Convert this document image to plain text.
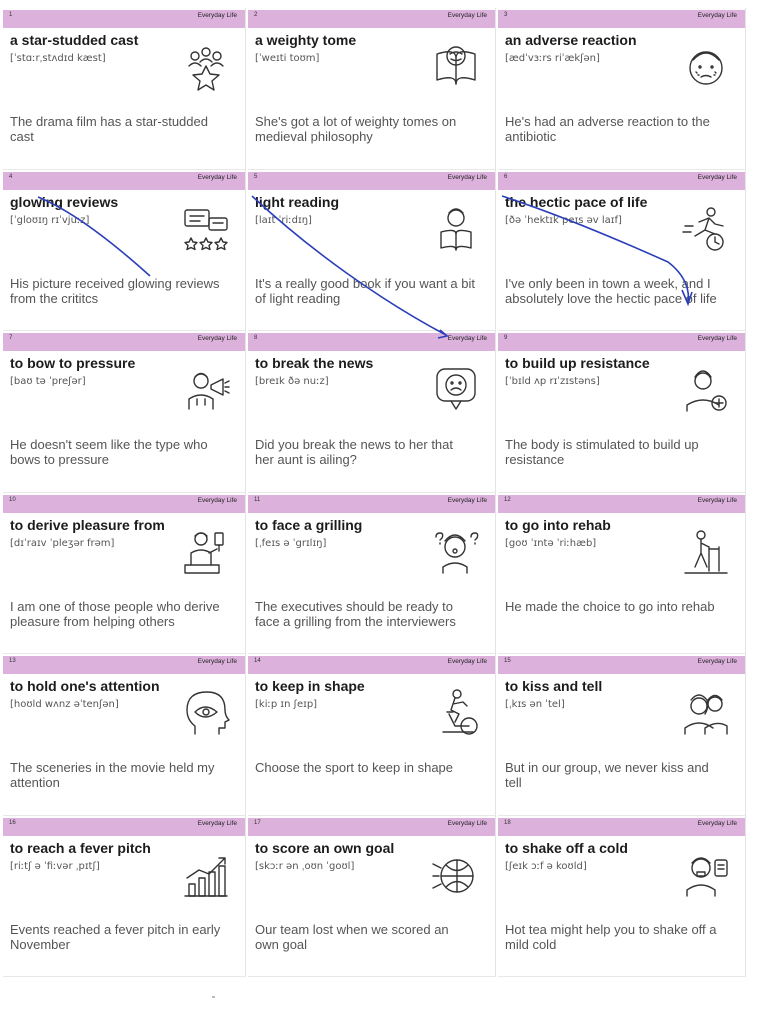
1	Everyday Life
a star-studded cast
[ˈstɑːrˌstʌdɪd kæst]
The drama film has a star-studded cast
2	Everyday Life
a weighty tome
[ˈweɪti toʊm]
She's got a lot of weighty tomes on medieval philosophy
3	Everyday Life
an adverse reaction
[ædˈvɜːrs riˈækʃən]
He's had an adverse reaction to the antibiotic
4	Everyday Life
glowing reviews
[ˈgloʊɪŋ rɪˈvjuːz]
His picture received glowing reviews from the crititcs
5	Everyday Life
light reading
[laɪt ˈriːdɪŋ]
It's a really good book if you want a bit of light reading
6	Everyday Life
the hectic pace of life
[ðə ˈhektɪk peɪs əv laɪf]
I've only been in town a week, and I absolutely love the hectic pace of life
7	Everyday Life
to bow to pressure
[baʊ tə ˈpreʃər]
He doesn't seem like the type who bows to pressure
8	Everyday Life
to break the news
[breɪk ðə nuːz]
Did you break the news to her that her aunt is ailing?
9	Everyday Life
to build up resistance
[ˈbɪld ʌp rɪˈzɪstəns]
The body is stimulated to build up resistance
10	Everyday Life
to derive pleasure from
[dɪˈraɪv ˈpleʒər frəm]
I am one of those people who derive pleasure from helping others
11	Everyday Life
to face a grilling
[ˌfeɪs ə ˈgrɪlɪŋ]
The executives should be ready to face a grilling from the interviewers
12	Everyday Life
to go into rehab
[goʊ ˈɪntə ˈriːhæb]
He made the choice to go into rehab
13	Everyday Life
to hold one's attention
[hoʊld wʌnz əˈtenʃən]
The sceneries in the movie held my attention
14	Everyday Life
to keep in shape
[kiːp ɪn ʃeɪp]
Choose the sport to keep in shape
15	Everyday Life
to kiss and tell
[ˌkɪs ən ˈtel]
But in our group, we never kiss and tell
16	Everyday Life
to reach a fever pitch
[riːtʃ ə ˈfiːvər ˌpɪtʃ]
Events reached a fever pitch in early November
17	Everyday Life
to score an own goal
[skɔːr ən ˌoʊn ˈgoʊl]
Our team lost when we scored an own goal
18	Everyday Life
to shake off a cold
[ʃeɪk ɔːf ə koʊld]
Hot tea might help you to shake off a mild cold
